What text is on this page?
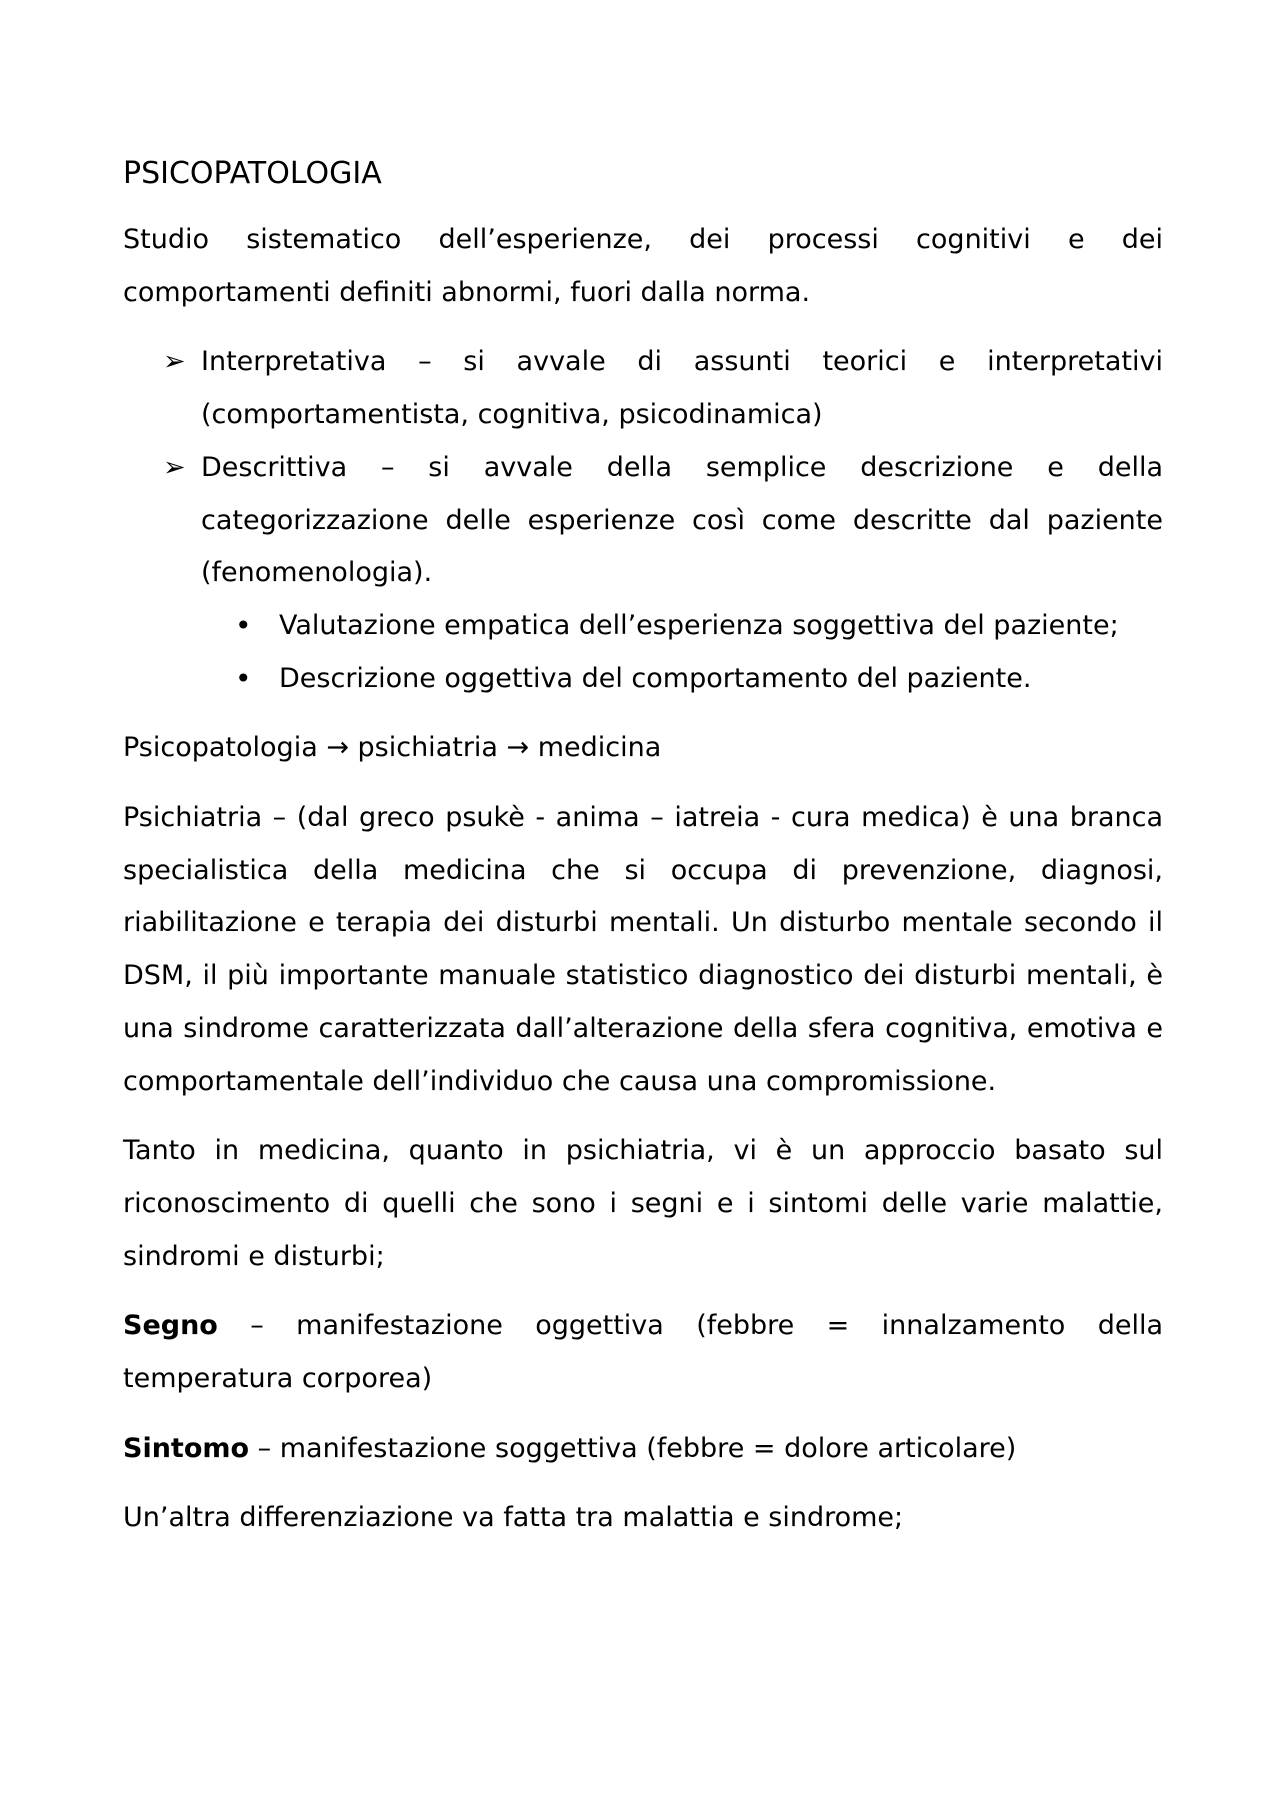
PSICOPATOLOGIA

Studio sistematico dell’esperienze, dei processi cognitivi e dei comportamenti definiti abnormi, fuori dalla norma.

➢ Interpretativa – si avvale di assunti teorici e interpretativi (comportamentista, cognitiva, psicodinamica)
➢ Descrittiva – si avvale della semplice descrizione e della categorizzazione delle esperienze così come descritte dal paziente (fenomenologia).
• Valutazione empatica dell’esperienza soggettiva del paziente;
• Descrizione oggettiva del comportamento del paziente.

Psicopatologia → psichiatria → medicina

Psichiatria – (dal greco psukè - anima – iatreia - cura medica) è una branca specialistica della medicina che si occupa di prevenzione, diagnosi, riabilitazione e terapia dei disturbi mentali. Un disturbo mentale secondo il DSM, il più importante manuale statistico diagnostico dei disturbi mentali, è una sindrome caratterizzata dall’alterazione della sfera cognitiva, emotiva e comportamentale dell’individuo che causa una compromissione.

Tanto in medicina, quanto in psichiatria, vi è un approccio basato sul riconoscimento di quelli che sono i segni e i sintomi delle varie malattie, sindromi e disturbi;

Segno – manifestazione oggettiva (febbre = innalzamento della temperatura corporea)

Sintomo – manifestazione soggettiva (febbre = dolore articolare)

Un’altra differenziazione va fatta tra malattia e sindrome;
